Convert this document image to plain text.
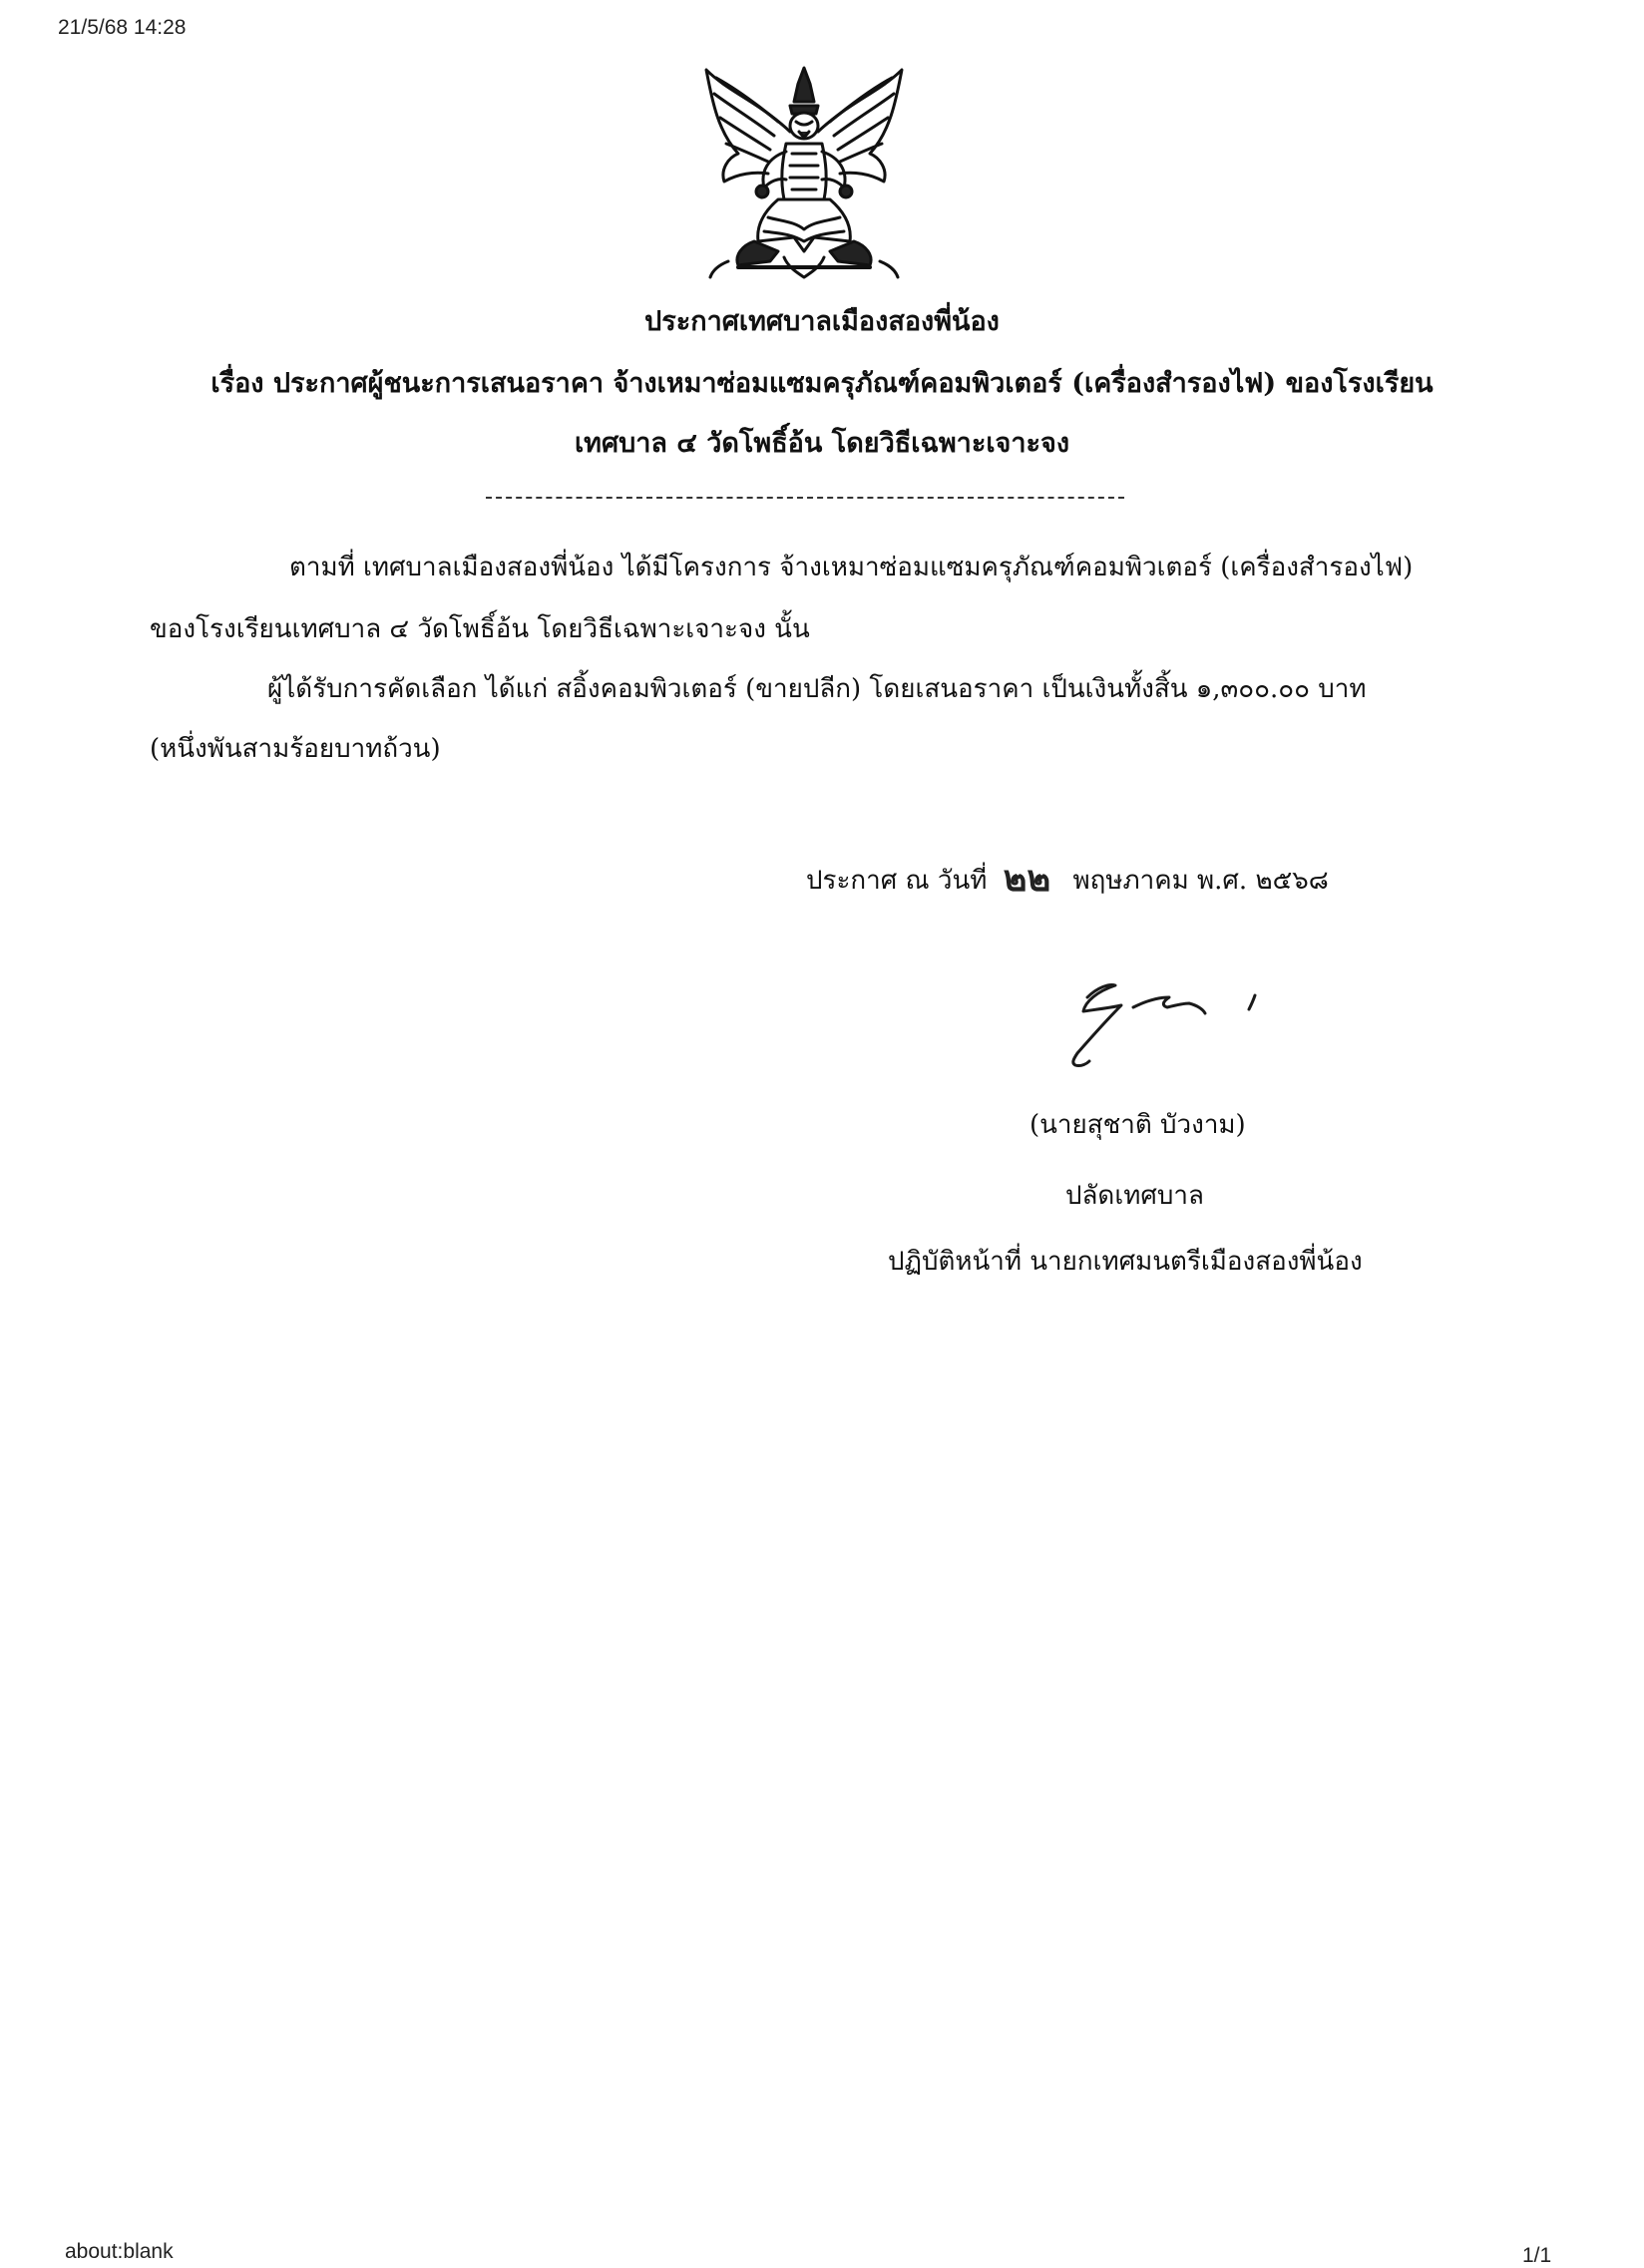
21/5/68 14:28
ประกาศเทศบาลเมืองสองพี่น้อง
เรื่อง ประกาศผู้ชนะการเสนอราคา จ้างเหมาซ่อมแซมครุภัณฑ์คอมพิวเตอร์ (เครื่องสำรองไฟ) ของโรงเรียน
เทศบาล ๔ วัดโพธิ์อ้น โดยวิธีเฉพาะเจาะจง
ตามที่ เทศบาลเมืองสองพี่น้อง ได้มีโครงการ จ้างเหมาซ่อมแซมครุภัณฑ์คอมพิวเตอร์ (เครื่องสำรองไฟ)
ของโรงเรียนเทศบาล ๔ วัดโพธิ์อ้น โดยวิธีเฉพาะเจาะจง นั้น
ผู้ได้รับการคัดเลือก ได้แก่ สอิ้งคอมพิวเตอร์ (ขายปลีก) โดยเสนอราคา เป็นเงินทั้งสิ้น ๑,๓๐๐.๐๐ บาท
(หนึ่งพันสามร้อยบาทถ้วน)
ประกาศ ณ วันที่ ๒๒ พฤษภาคม พ.ศ. ๒๕๖๘
(นายสุชาติ บัวงาม)
ปลัดเทศบาล
ปฏิบัติหน้าที่ นายกเทศมนตรีเมืองสองพี่น้อง
about:blank	1/1
